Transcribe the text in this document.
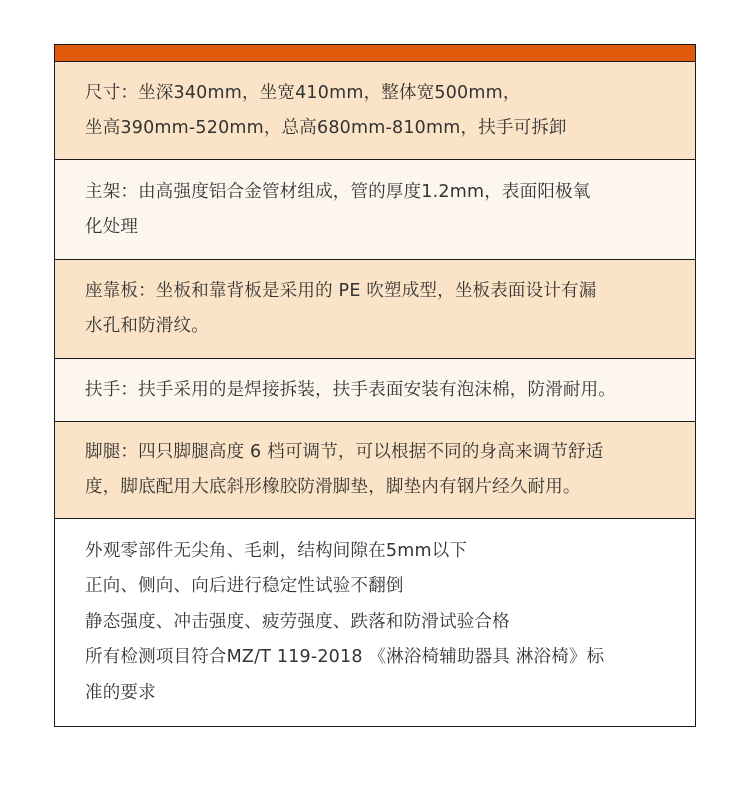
尺寸：坐深340mm，坐宽410mm，整体宽500mm，
坐高390mm-520mm，总高680mm-810mm，扶手可拆卸
主架：由高强度铝合金管材组成，管的厚度1.2mm，表面阳极氧
化处理
座靠板：坐板和靠背板是采用的 PE 吹塑成型，坐板表面设计有漏
水孔和防滑纹。
扶手：扶手采用的是焊接拆装，扶手表面安装有泡沫棉，防滑耐用。
脚腿：四只脚腿高度 6 档可调节，可以根据不同的身高来调节舒适
度，脚底配用大底斜形橡胶防滑脚垫，脚垫内有钢片经久耐用。
外观零部件无尖角、毛刺，结构间隙在5mm以下
正向、侧向、向后进行稳定性试验不翻倒
静态强度、冲击强度、疲劳强度、跌落和防滑试验合格
所有检测项目符合MZ/T 119-2018 《淋浴椅辅助器具 淋浴椅》标
准的要求
